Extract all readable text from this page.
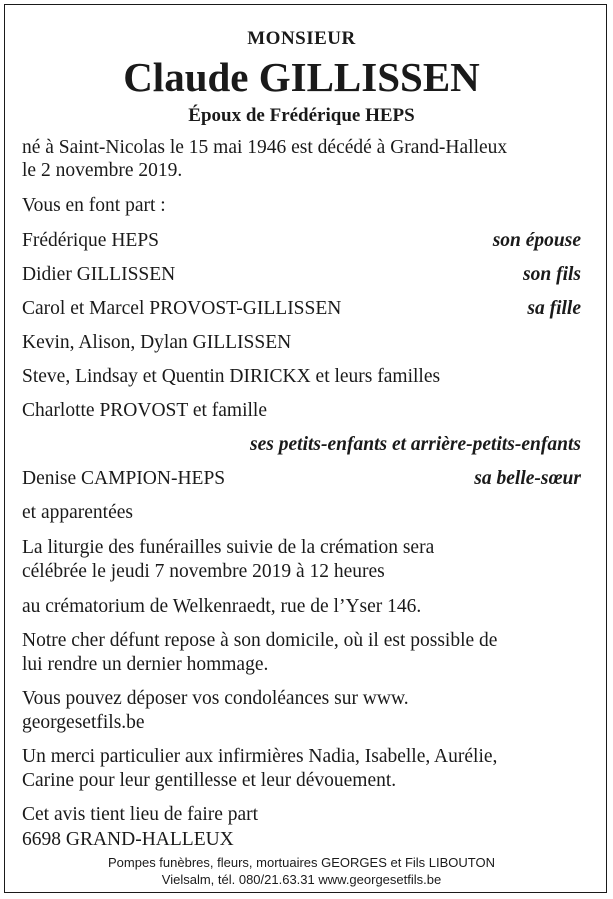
MONSIEUR
Claude GILLISSEN
Époux de Frédérique HEPS
né à Saint-Nicolas le 15 mai 1946 est décédé à Grand-Halleux
le 2 novembre 2019.
Vous en font part :
Frédérique HEPS	son épouse
Didier GILLISSEN	son fils
Carol et Marcel PROVOST-GILLISSEN	sa fille
Kevin, Alison, Dylan GILLISSEN
Steve, Lindsay et Quentin DIRICKX et leurs familles
Charlotte PROVOST et famille
ses petits-enfants et arrière-petits-enfants
Denise CAMPION-HEPS	sa belle-sœur
et apparentées
La liturgie des funérailles suivie de la crémation sera
célébrée le jeudi 7 novembre 2019 à 12 heures
au crématorium de Welkenraedt, rue de l’Yser 146.
Notre cher défunt repose à son domicile, où il est possible de
lui rendre un dernier hommage.
Vous pouvez déposer vos condoléances sur www.
georgesetfils.be
Un merci particulier aux infirmières Nadia, Isabelle, Aurélie,
Carine pour leur gentillesse et leur dévouement.
Cet avis tient lieu de faire part
6698 GRAND-HALLEUX
Pompes funèbres, fleurs, mortuaires GEORGES et Fils LIBOUTON
Vielsalm, tél. 080/21.63.31 www.georgesetfils.be
